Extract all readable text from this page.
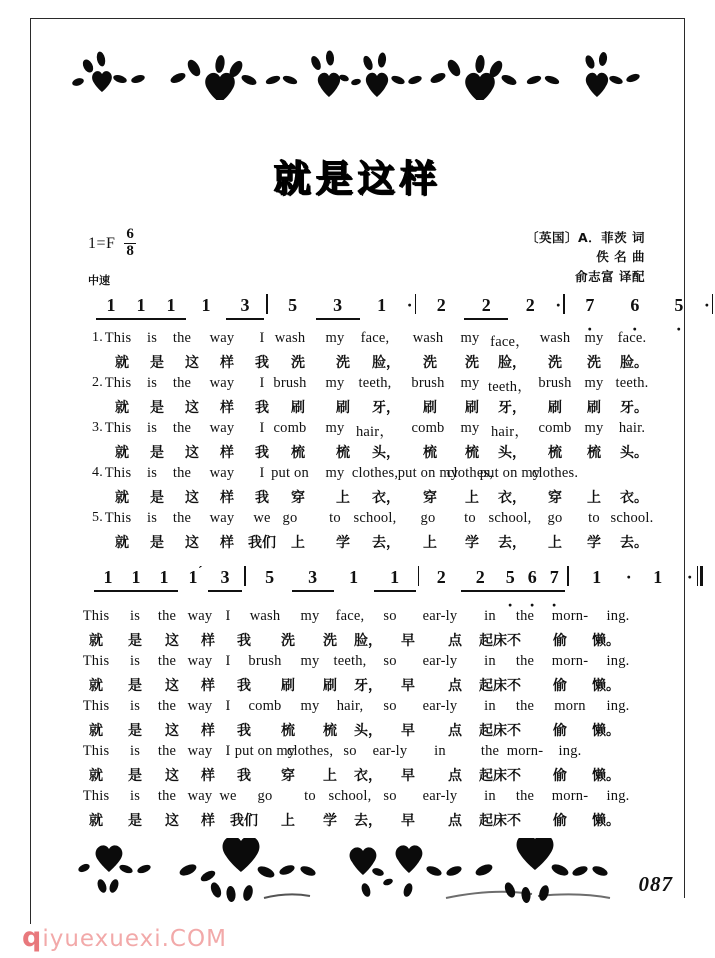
就是这样
$1=F \frac{6}{8}$
中速
〔英国〕A．菲茨 词
佚 名 曲
俞志富 译配
1	1	1	1	3	5	3	1	·	2	2	2	·	7 ·	6 ·	5 ·	·
1. This is the way I wash my face, wash my face， wash my face.
就 是 这 样 我 洗 洗 脸， 洗 洗 脸， 洗 洗 脸。
2. This is the way I brush my teeth, brush my teeth， brush my teeth.
就 是 这 样 我 刷 刷 牙， 刷 刷 牙， 刷 刷 牙。
3. This is the way I comb my hair， comb my hair， comb my hair.
就 是 这 样 我 梳 梳 头， 梳 梳 头， 梳 梳 头。
4. This is the way I put on my clothes, put on my
clothes,
put on my
clothes.
就 是 这 样 我 穿 上 衣， 穿 上 衣， 穿 上 衣。
5. This is the way we go to school, go to school, go to school.
就 是 这 样 我们 上 学 去， 上 学 去， 上 学 去。
1	1	1	1 ´	3	5	3	1	1	2	2	5 · 6 · 7 ·	1	·	1	·
This is the way I wash my face, so ear-ly in the morn- ing.
就 是 这 样 我 洗 洗 脸， 早 点 起床不 偷 懒。
This is the way I brush my teeth, so ear-ly in the morn- ing.
就 是 这 样 我 刷 刷 牙， 早 点 起床不 偷 懒。
This is the way I comb my hair, so ear-ly in the morn ing.
就 是 这 样 我 梳 梳 头， 早 点 起床不 偷 懒。
This is the way I put on my
clothes, so ear-ly in the morn- ing.
就 是 这 样 我 穿 上 衣， 早 点 起床不 偷 懒。
This is the way we go to school, so ear-ly in the morn- ing.
就 是 这 样 我们 上 学 去， 早 点 起床不 偷 懒。
087
qiyuexuexi.COM
